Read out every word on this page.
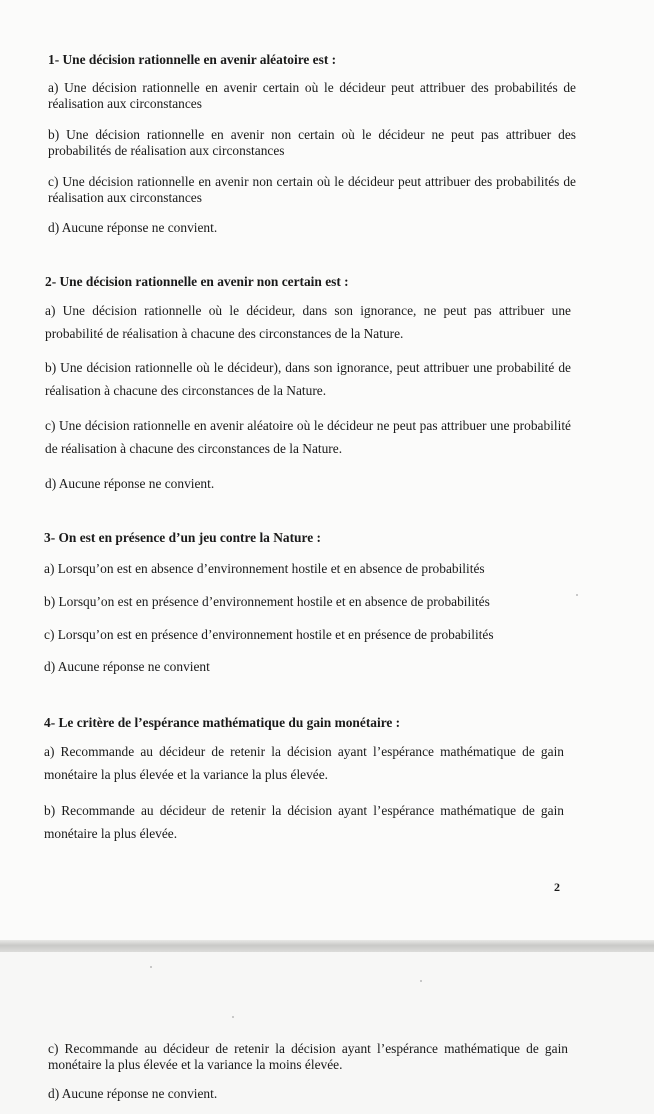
1- Une décision rationnelle en avenir aléatoire est :
a) Une décision rationnelle en avenir certain où le décideur peut attribuer des probabilités de réalisation aux circonstances
b) Une décision rationnelle en avenir non certain où le décideur ne peut pas attribuer des probabilités de réalisation aux circonstances
c) Une décision rationnelle en avenir non certain où le décideur peut attribuer des probabilités de réalisation aux circonstances
d) Aucune réponse ne convient.
2- Une décision rationnelle en avenir non certain est :
a) Une décision rationnelle où le décideur, dans son ignorance, ne peut pas attribuer une probabilité de réalisation à chacune des circonstances de la Nature.
b) Une décision rationnelle où le décideur), dans son ignorance, peut attribuer une probabilité de réalisation à chacune des circonstances de la Nature.
c) Une décision rationnelle en avenir aléatoire où le décideur ne peut pas attribuer une probabilité de réalisation à chacune des circonstances de la Nature.
d) Aucune réponse ne convient.
3- On est en présence d’un jeu contre la Nature :
a) Lorsqu’on est en absence d’environnement hostile et en absence de probabilités
b) Lorsqu’on est en présence d’environnement hostile et en absence de probabilités
c) Lorsqu’on est en présence d’environnement hostile et en présence de probabilités
d) Aucune réponse ne convient
4- Le critère de l’espérance mathématique du gain monétaire :
a) Recommande au décideur de retenir la décision ayant l’espérance mathématique de gain monétaire la plus élevée et la variance la plus élevée.
b) Recommande au décideur de retenir la décision ayant l’espérance mathématique de gain monétaire la plus élevée.
2
c) Recommande au décideur de retenir la décision ayant l’espérance mathématique de gain monétaire la plus élevée et la variance la moins élevée.
d) Aucune réponse ne convient.
